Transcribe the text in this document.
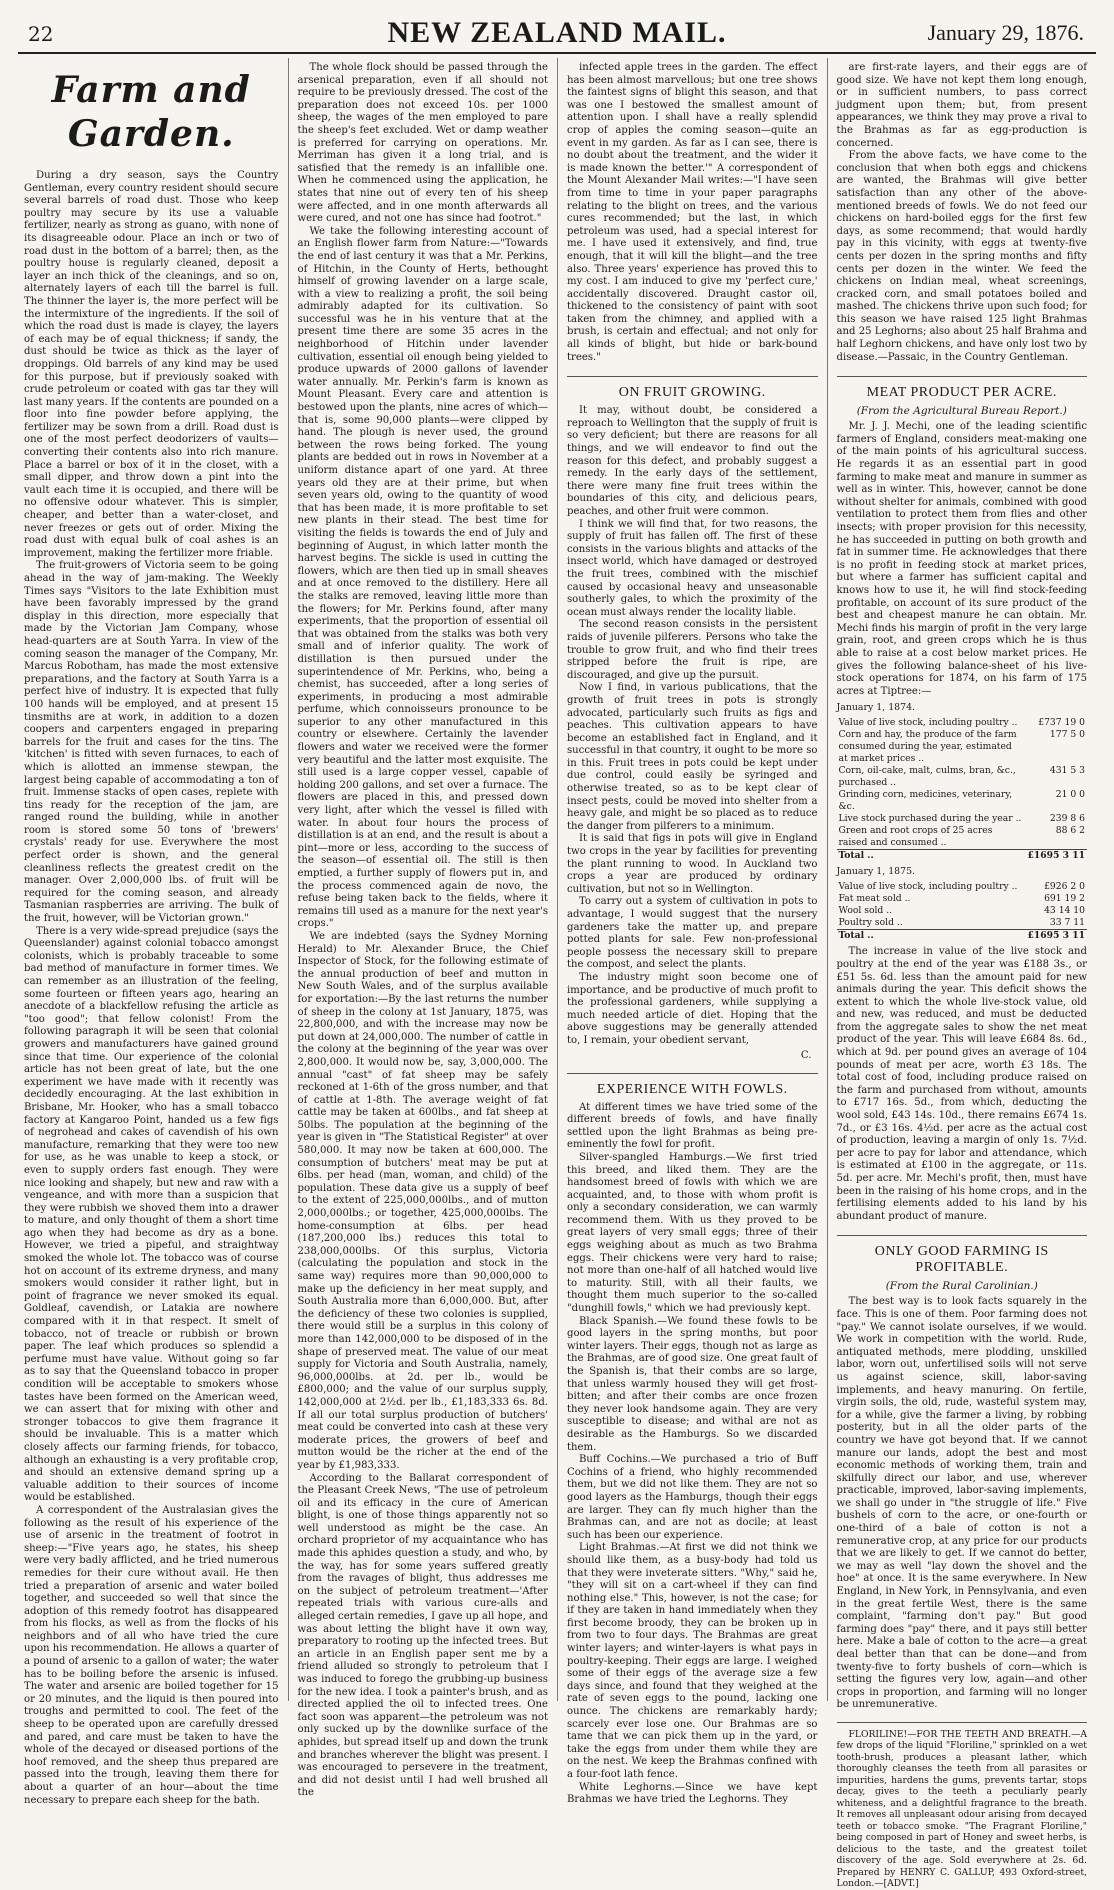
22	NEW ZEALAND MAIL.	January 29, 1876.
Farm and Garden.

During a dry season, says the Country Gentleman, every country resident should secure several barrels of road dust. Those who keep poultry may secure by its use a valuable fertilizer, nearly as strong as guano, with none of its disagreeable odour. Place an inch or two of road dust in the bottom of a barrel; then, as the poultry house is regularly cleaned, deposit a layer an inch thick of the cleanings, and so on, alternately layers of each till the barrel is full. The thinner the layer is, the more perfect will be the intermixture of the ingredients. If the soil of which the road dust is made is clayey, the layers of each may be of equal thickness; if sandy, the dust should be twice as thick as the layer of droppings. Old barrels of any kind may be used for this purpose, but if previously soaked with crude petroleum or coated with gas tar they will last many years. If the contents are pounded on a floor into fine powder before applying, the fertilizer may be sown from a drill. Road dust is one of the most perfect deodorizers of vaults—converting their contents also into rich manure. Place a barrel or box of it in the closet, with a small dipper, and throw down a pint into the vault each time it is occupied, and there will be no offensive odour whatever. This is simpler, cheaper, and better than a water-closet, and never freezes or gets out of order. Mixing the road dust with equal bulk of coal ashes is an improvement, making the fertilizer more friable.

The fruit-growers of Victoria seem to be going ahead in the way of jam-making. The Weekly Times says "Visitors to the late Exhibition must have been favorably impressed by the grand display in this direction, more especially that made by the Victorian Jam Company, whose head-quarters are at South Yarra. In view of the coming season the manager of the Company, Mr. Marcus Robotham, has made the most extensive preparations, and the factory at South Yarra is a perfect hive of industry. It is expected that fully 100 hands will be employed, and at present 15 tinsmiths are at work, in addition to a dozen coopers and carpenters engaged in preparing barrels for the fruit and cases for the tins. The 'kitchen' is fitted with seven furnaces, to each of which is allotted an immense stewpan, the largest being capable of accommodating a ton of fruit. Immense stacks of open cases, replete with tins ready for the reception of the jam, are ranged round the building, while in another room is stored some 50 tons of 'brewers' crystals' ready for use. Everywhere the most perfect order is shown, and the general cleanliness reflects the greatest credit on the manager. Over 2,000,000 lbs. of fruit will be required for the coming season, and already Tasmanian raspberries are arriving. The bulk of the fruit, however, will be Victorian grown."

There is a very wide-spread prejudice (says the Queenslander) against colonial tobacco amongst colonists, which is probably traceable to some bad method of manufacture in former times. We can remember as an illustration of the feeling, some fourteen or fifteen years ago, hearing an anecdote of a blackfellow refusing the article as "too good"; that fellow colonist! From the following paragraph it will be seen that colonial growers and manufacturers have gained ground since that time. Our experience of the colonial article has not been great of late, but the one experiment we have made with it recently was decidedly encouraging. At the last exhibition in Brisbane, Mr. Hooker, who has a small tobacco factory at Kangaroo Point, handed us a few figs of negrohead and cakes of cavendish of his own manufacture, remarking that they were too new for use, as he was unable to keep a stock, or even to supply orders fast enough. They were nice looking and shapely, but new and raw with a vengeance, and with more than a suspicion that they were rubbish we shoved them into a drawer to mature, and only thought of them a short time ago when they had become as dry as a bone. However, we tried a pipeful, and straightway smoked the whole lot. The tobacco was of course hot on account of its extreme dryness, and many smokers would consider it rather light, but in point of fragrance we never smoked its equal. Goldleaf, cavendish, or Latakia are nowhere compared with it in that respect. It smelt of tobacco, not of treacle or rubbish or brown paper. The leaf which produces so splendid a perfume must have value. Without going so far as to say that the Queensland tobacco in proper condition will be acceptable to smokers whose tastes have been formed on the American weed, we can assert that for mixing with other and stronger tobaccos to give them fragrance it should be invaluable. This is a matter which closely affects our farming friends, for tobacco, although an exhausting is a very profitable crop, and should an extensive demand spring up a valuable addition to their sources of income would be established.

A correspondent of the Australasian gives the following as the result of his experience of the use of arsenic in the treatment of footrot in sheep:—"Five years ago, he states, his sheep were very badly afflicted, and he tried numerous remedies for their cure without avail. He then tried a preparation of arsenic and water boiled together, and succeeded so well that since the adoption of this remedy footrot has disappeared from his flocks, as well as from the flocks of his neighbors and of all who have tried the cure upon his recommendation. He allows a quarter of a pound of arsenic to a gallon of water; the water has to be boiling before the arsenic is infused. The water and arsenic are boiled together for 15 or 20 minutes, and the liquid is then poured into troughs and permitted to cool. The feet of the sheep to be operated upon are carefully dressed and pared, and care must be taken to have the whole of the decayed or diseased portions of the hoof removed, and the sheep thus prepared are passed into the trough, leaving them there for about a quarter of an hour—about the time necessary to prepare each sheep for the bath.

The whole flock should be passed through the arsenical preparation, even if all should not require to be previously dressed. The cost of the preparation does not exceed 10s. per 1000 sheep, the wages of the men employed to pare the sheep's feet excluded. Wet or damp weather is preferred for carrying on operations. Mr. Merriman has given it a long trial, and is satisfied that the remedy is an infallible one. When he commenced using the application, he states that nine out of every ten of his sheep were affected, and in one month afterwards all were cured, and not one has since had footrot."

We take the following interesting account of an English flower farm from Nature:—"Towards the end of last century it was that a Mr. Perkins, of Hitchin, in the County of Herts, bethought himself of growing lavender on a large scale, with a view to realizing a profit, the soil being admirably adapted for its cultivation. So successful was he in his venture that at the present time there are some 35 acres in the neighborhood of Hitchin under lavender cultivation, essential oil enough being yielded to produce upwards of 2000 gallons of lavender water annually. Mr. Perkin's farm is known as Mount Pleasant. Every care and attention is bestowed upon the plants, nine acres of which—that is, some 90,000 plants—were clipped by hand. The plough is never used, the ground between the rows being forked. The young plants are bedded out in rows in November at a uniform distance apart of one yard. At three years old they are at their prime, but when seven years old, owing to the quantity of wood that has been made, it is more profitable to set new plants in their stead. The best time for visiting the fields is towards the end of July and beginning of August, in which latter month the harvest begins. The sickle is used in cutting the flowers, which are then tied up in small sheaves and at once removed to the distillery. Here all the stalks are removed, leaving little more than the flowers; for Mr. Perkins found, after many experiments, that the proportion of essential oil that was obtained from the stalks was both very small and of inferior quality. The work of distillation is then pursued under the superintendence of Mr. Perkins, who, being a chemist, has succeeded, after a long series of experiments, in producing a most admirable perfume, which connoisseurs pronounce to be superior to any other manufactured in this country or elsewhere. Certainly the lavender flowers and water we received were the former very beautiful and the latter most exquisite. The still used is a large copper vessel, capable of holding 200 gallons, and set over a furnace. The flowers are placed in this, and pressed down very light, after which the vessel is filled with water. In about four hours the process of distillation is at an end, and the result is about a pint—more or less, according to the success of the season—of essential oil. The still is then emptied, a further supply of flowers put in, and the process commenced again de novo, the refuse being taken back to the fields, where it remains till used as a manure for the next year's crops."

We are indebted (says the Sydney Morning Herald) to Mr. Alexander Bruce, the Chief Inspector of Stock, for the following estimate of the annual production of beef and mutton in New South Wales, and of the surplus available for exportation:—By the last returns the number of sheep in the colony at 1st January, 1875, was 22,800,000, and with the increase may now be put down at 24,000,000. The number of cattle in the colony at the beginning of the year was over 2,800,000. It would now be, say, 3,000,000. The annual "cast" of fat sheep may be safely reckoned at 1-6th of the gross number, and that of cattle at 1-8th. The average weight of fat cattle may be taken at 600lbs., and fat sheep at 50lbs. The population at the beginning of the year is given in "The Statistical Register" at over 580,000. It may now be taken at 600,000. The consumption of butchers' meat may be put at 6lbs. per head (man, woman, and child) of the population. These data give us a supply of beef to the extent of 225,000,000lbs., and of mutton 2,000,000lbs.; or together, 425,000,000lbs. The home-consumption at 6lbs. per head (187,200,000 lbs.) reduces this total to 238,000,000lbs. Of this surplus, Victoria (calculating the population and stock in the same way) requires more than 90,000,000 to make up the deficiency in her meat supply, and South Australia more than 6,000,000. But, after the deficiency of these two colonies is supplied, there would still be a surplus in this colony of more than 142,000,000 to be disposed of in the shape of preserved meat. The value of our meat supply for Victoria and South Australia, namely, 96,000,000lbs. at 2d. per lb., would be £800,000; and the value of our surplus supply, 142,000,000 at 2½d. per lb., £1,183,333 6s. 8d. If all our total surplus production of butchers' meat could be converted into cash at these very moderate prices, the growers of beef and mutton would be the richer at the end of the year by £1,983,333.

According to the Ballarat correspondent of the Pleasant Creek News, "The use of petroleum oil and its efficacy in the cure of American blight, is one of those things apparently not so well understood as might be the case. An orchard proprietor of my acquaintance who has made this aphides question a study, and who, by the way, has for some years suffered greatly from the ravages of blight, thus addresses me on the subject of petroleum treatment—'After repeated trials with various cure-alls and alleged certain remedies, I gave up all hope, and was about letting the blight have it own way, preparatory to rooting up the infected trees. But an article in an English paper sent me by a friend alluded so strongly to petroleum that I was induced to forego the grubbing-up business for the new idea. I took a painter's brush, and as directed applied the oil to infected trees. One fact soon was apparent—the petroleum was not only sucked up by the downlike surface of the aphides, but spread itself up and down the trunk and branches wherever the blight was present. I was encouraged to persevere in the treatment, and did not desist until I had well brushed all the

infected apple trees in the garden. The effect has been almost marvellous; but one tree shows the faintest signs of blight this season, and that was one I bestowed the smallest amount of attention upon. I shall have a really splendid crop of apples the coming season—quite an event in my garden. As far as I can see, there is no doubt about the treatment, and the wider it is made known the better.'" A correspondent of the Mount Alexander Mail writes:—"I have seen from time to time in your paper paragraphs relating to the blight on trees, and the various cures recommended; but the last, in which petroleum was used, had a special interest for me. I have used it extensively, and find, true enough, that it will kill the blight—and the tree also. Three years' experience has proved this to my cost. I am induced to give my 'perfect cure,' accidentally discovered. Draught castor oil, thickened to the consistency of paint with soot taken from the chimney, and applied with a brush, is certain and effectual; and not only for all kinds of blight, but hide or bark-bound trees."

ON FRUIT GROWING.

It may, without doubt, be considered a reproach to Wellington that the supply of fruit is so very deficient; but there are reasons for all things, and we will endeavor to find out the reason for this defect, and probably suggest a remedy. In the early days of the settlement, there were many fine fruit trees within the boundaries of this city, and delicious pears, peaches, and other fruit were common.

I think we will find that, for two reasons, the supply of fruit has fallen off. The first of these consists in the various blights and attacks of the insect world, which have damaged or destroyed the fruit trees, combined with the mischief caused by occasional heavy and unseasonable southerly gales, to which the proximity of the ocean must always render the locality liable.

The second reason consists in the persistent raids of juvenile pilferers. Persons who take the trouble to grow fruit, and who find their trees stripped before the fruit is ripe, are discouraged, and give up the pursuit.

Now I find, in various publications, that the growth of fruit trees in pots is strongly advocated, particularly such fruits as figs and peaches. This cultivation appears to have become an established fact in England, and it successful in that country, it ought to be more so in this. Fruit trees in pots could be kept under due control, could easily be syringed and otherwise treated, so as to be kept clear of insect pests, could be moved into shelter from a heavy gale, and might be so placed as to reduce the danger from pilferers to a minimum.

It is said that figs in pots will give in England two crops in the year by facilities for preventing the plant running to wood. In Auckland two crops a year are produced by ordinary cultivation, but not so in Wellington.

To carry out a system of cultivation in pots to advantage, I would suggest that the nursery gardeners take the matter up, and prepare potted plants for sale. Few non-professional people possess the necessary skill to prepare the compost, and select the plants.

The industry might soon become one of importance, and be productive of much profit to the professional gardeners, while supplying a much needed article of diet. Hoping that the above suggestions may be generally attended to, I remain, your obedient servant,

C.
EXPERIENCE WITH FOWLS.

At different times we have tried some of the different breeds of fowls, and have finally settled upon the light Brahmas as being pre-eminently the fowl for profit.

Silver-spangled Hamburgs.—We first tried this breed, and liked them. They are the handsomest breed of fowls with which we are acquainted, and, to those with whom profit is only a secondary consideration, we can warmly recommend them. With us they proved to be great layers of very small eggs; three of their eggs weighing about as much as two Brahma eggs. Their chickens were very hard to raise; not more than one-half of all hatched would live to maturity. Still, with all their faults, we thought them much superior to the so-called "dunghill fowls," which we had previously kept.

Black Spanish.—We found these fowls to be good layers in the spring months, but poor winter layers. Their eggs, though not as large as the Brahmas, are of good size. One great fault of the Spanish is, that their combs are so large, that unless warmly housed they will get frost-bitten; and after their combs are once frozen they never look handsome again. They are very susceptible to disease; and withal are not as desirable as the Hamburgs. So we discarded them.

Buff Cochins.—We purchased a trio of Buff Cochins of a friend, who highly recommended them, but we did not like them. They are not so good layers as the Hamburgs, though their eggs are larger. They can fly much higher than the Brahmas can, and are not as docile; at least such has been our experience.

Light Brahmas.—At first we did not think we should like them, as a busy-body had told us that they were inveterate sitters. "Why," said he, "they will sit on a cart-wheel if they can find nothing else." This, however, is not the case; for if they are taken in hand immediately when they first become broody, they can be broken up in from two to four days. The Brahmas are great winter layers; and winter-layers is what pays in poultry-keeping. Their eggs are large. I weighed some of their eggs of the average size a few days since, and found that they weighed at the rate of seven eggs to the pound, lacking one ounce. The chickens are remarkably hardy; scarcely ever lose one. Our Brahmas are so tame that we can pick them up in the yard, or take the eggs from under them while they are on the nest. We keep the Brahmas confined with a four-foot lath fence.

White Leghorns.—Since we have kept Brahmas we have tried the Leghorns. They

are first-rate layers, and their eggs are of good size. We have not kept them long enough, or in sufficient numbers, to pass correct judgment upon them; but, from present appearances, we think they may prove a rival to the Brahmas as far as egg-production is concerned.

From the above facts, we have come to the conclusion that when both eggs and chickens are wanted, the Brahmas will give better satisfaction than any other of the above-mentioned breeds of fowls. We do not feed our chickens on hard-boiled eggs for the first few days, as some recommend; that would hardly pay in this vicinity, with eggs at twenty-five cents per dozen in the spring months and fifty cents per dozen in the winter. We feed the chickens on Indian meal, wheat screenings, cracked corn, and small potatoes boiled and mashed. The chickens thrive upon such food; for this season we have raised 125 light Brahmas and 25 Leghorns; also about 25 half Brahma and half Leghorn chickens, and have only lost two by disease.—Passaic, in the Country Gentleman.

MEAT PRODUCT PER ACRE.
(From the Agricultural Bureau Report.)

Mr. J. J. Mechi, one of the leading scientific farmers of England, considers meat-making one of the main points of his agricultural success. He regards it as an essential part in good farming to make meat and manure in summer as well as in winter. This, however, cannot be done without shelter for animals, combined with good ventilation to protect them from flies and other insects; with proper provision for this necessity, he has succeeded in putting on both growth and fat in summer time. He acknowledges that there is no profit in feeding stock at market prices, but where a farmer has sufficient capital and knows how to use it, he will find stock-feeding profitable, on account of its sure product of the best and cheapest manure he can obtain. Mr. Mechi finds his margin of profit in the very large grain, root, and green crops which he is thus able to raise at a cost below market prices. He gives the following balance-sheet of his live-stock operations for 1874, on his farm of 175 acres at Tiptree:—

January 1, 1874.
Value of live stock, including poultry ..	£737 19 0
Corn and hay, the produce of the farm consumed during the year, estimated at market prices ..	177 5 0
Corn, oil-cake, malt, culms, bran, &c., purchased ..	431 5 3
Grinding corn, medicines, veterinary, &c.	21 0 0
Live stock purchased during the year ..	239 8 6
Green and root crops of 25 acres raised and consumed ..	88 6 2
Total ..	£1695 3 11
January 1, 1875.
Value of live stock, including poultry ..	£926 2 0
Fat meat sold ..	691 19 2
Wool sold ..	43 14 10
Poultry sold ..	33 7 11
Total ..	£1695 3 11

The increase in value of the live stock and poultry at the end of the year was £188 3s., or £51 5s. 6d. less than the amount paid for new animals during the year. This deficit shows the extent to which the whole live-stock value, old and new, was reduced, and must be deducted from the aggregate sales to show the net meat product of the year. This will leave £684 8s. 6d., which at 9d. per pound gives an average of 104 pounds of meat per acre, worth £3 18s. The total cost of food, including produce raised on the farm and purchased from without, amounts to £717 16s. 5d., from which, deducting the wool sold, £43 14s. 10d., there remains £674 1s. 7d., or £3 16s. 4½d. per acre as the actual cost of production, leaving a margin of only 1s. 7½d. per acre to pay for labor and attendance, which is estimated at £100 in the aggregate, or 11s. 5d. per acre. Mr. Mechi's profit, then, must have been in the raising of his home crops, and in the fertilising elements added to his land by his abundant product of manure.

ONLY GOOD FARMING IS PROFITABLE.
(From the Rural Carolinian.)

The best way is to look facts squarely in the face. This is one of them. Poor farming does not "pay." We cannot isolate ourselves, if we would. We work in competition with the world. Rude, antiquated methods, mere plodding, unskilled labor, worn out, unfertilised soils will not serve us against science, skill, labor-saving implements, and heavy manuring. On fertile, virgin soils, the old, rude, wasteful system may, for a while, give the farmer a living, by robbing posterity, but in all the older parts of the country we have got beyond that. If we cannot manure our lands, adopt the best and most economic methods of working them, train and skilfully direct our labor, and use, wherever practicable, improved, labor-saving implements, we shall go under in "the struggle of life." Five bushels of corn to the acre, or one-fourth or one-third of a bale of cotton is not a remunerative crop, at any price for our products that we are likely to get. If we cannot do better, we may as well "lay down the shovel and the hoe" at once. It is the same everywhere. In New England, in New York, in Pennsylvania, and even in the great fertile West, there is the same complaint, "farming don't pay." But good farming does "pay" there, and it pays still better here. Make a bale of cotton to the acre—a great deal better than that can be done—and from twenty-five to forty bushels of corn—which is setting the figures very low, again—and other crops in proportion, and farming will no longer be unremunerative.

FLORILINE!—FOR THE TEETH AND BREATH.—A few drops of the liquid "Floriline," sprinkled on a wet tooth-brush, produces a pleasant lather, which thoroughly cleanses the teeth from all parasites or impurities, hardens the gums, prevents tartar, stops decay, gives to the teeth a peculiarly pearly whiteness, and a delightful fragrance to the breath. It removes all unpleasant odour arising from decayed teeth or tobacco smoke. "The Fragrant Floriline," being composed in part of Honey and sweet herbs, is delicious to the taste, and the greatest toilet discovery of the age. Sold everywhere at 2s. 6d. Prepared by HENRY C. GALLUP, 493 Oxford-street, London.—[ADVT.]
